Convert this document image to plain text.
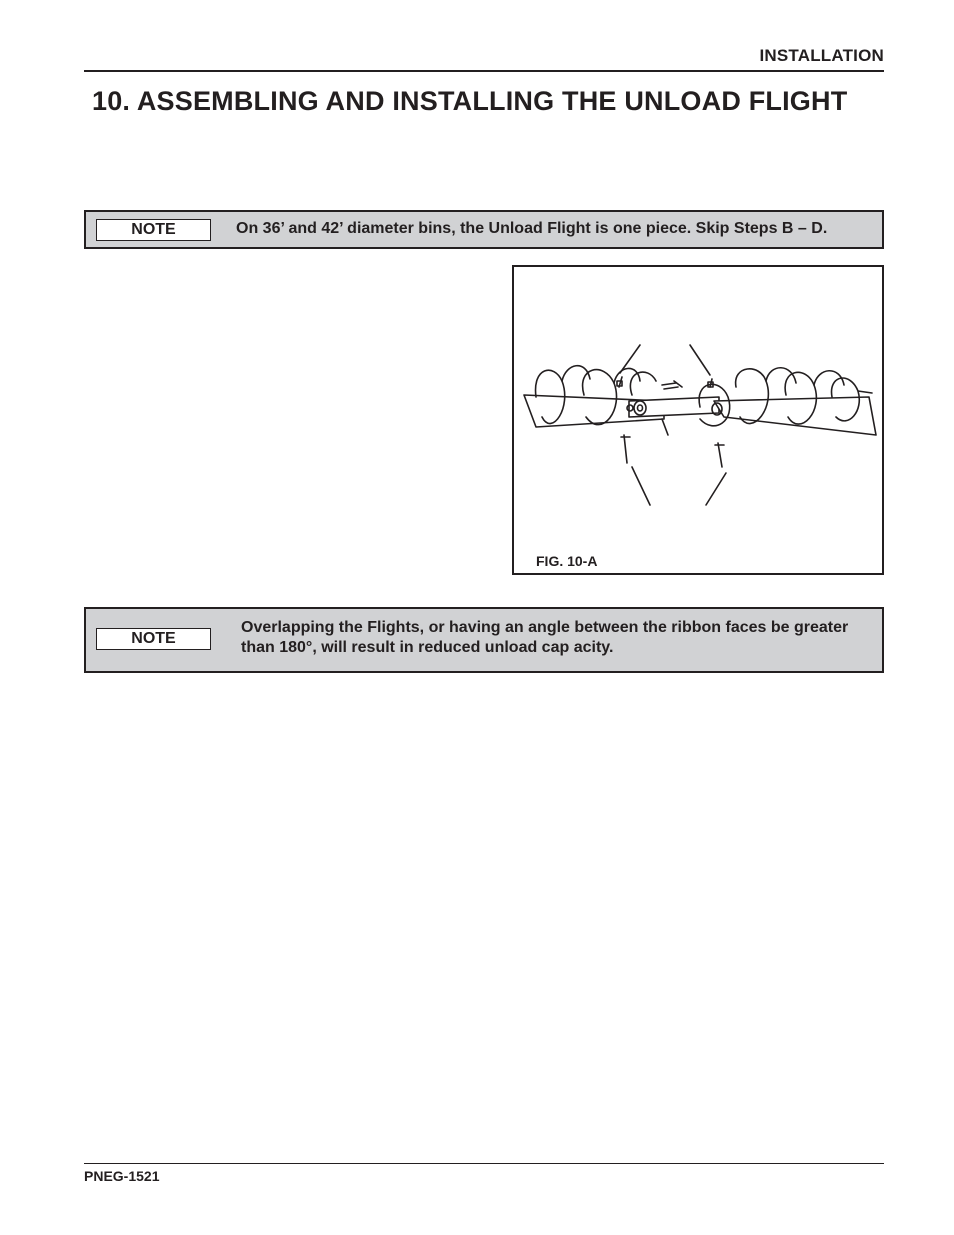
INSTALLATION
10. ASSEMBLING AND INSTALLING THE UNLOAD FLIGHT
NOTE	On 36’ and 42’ diameter bins, the Unload Flight is one piece. Skip Steps B – D.
FIG. 10-A
NOTE
Overlapping the Flights, or having an angle between the ribbon faces be greater than 180°, will result in reduced unload cap acity.
PNEG-1521
